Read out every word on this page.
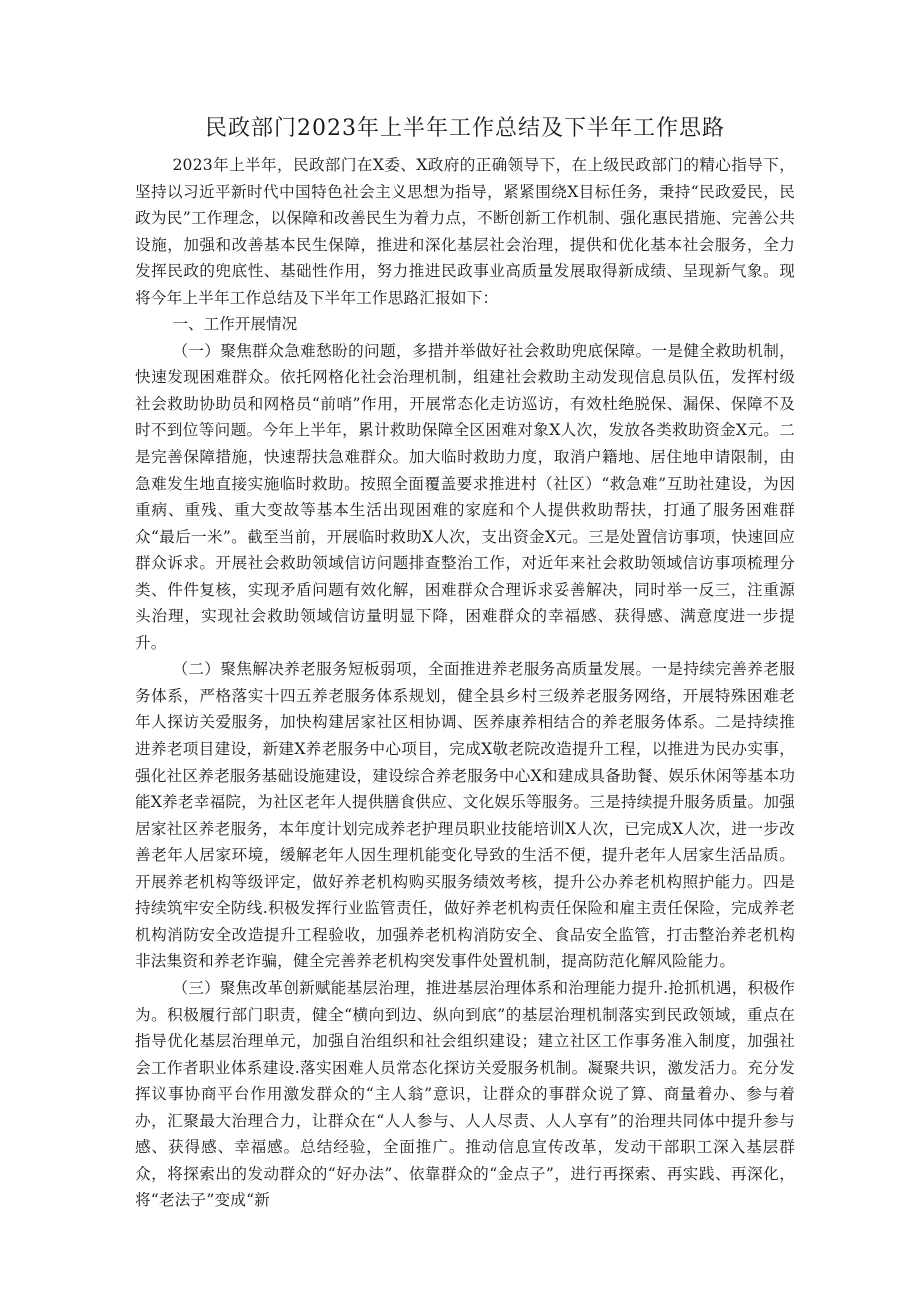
民政部门2023年上半年工作总结及下半年工作思路

2023年上半年，民政部门在X委、X政府的正确领导下，在上级民政部门的精心指导下，坚持以习近平新时代中国特色社会主义思想为指导，紧紧围绕X目标任务，秉持“民政爱民，民政为民”工作理念，以保障和改善民生为着力点，不断创新工作机制、强化惠民措施、完善公共设施，加强和改善基本民生保障，推进和深化基层社会治理，提供和优化基本社会服务，全力发挥民政的兜底性、基础性作用，努力推进民政事业高质量发展取得新成绩、呈现新气象。现将今年上半年工作总结及下半年工作思路汇报如下：

一、工作开展情况

（一）聚焦群众急难愁盼的问题，多措并举做好社会救助兜底保障。一是健全救助机制，快速发现困难群众。依托网格化社会治理机制，组建社会救助主动发现信息员队伍，发挥村级社会救助协助员和网格员“前哨”作用，开展常态化走访巡访，有效杜绝脱保、漏保、保障不及时不到位等问题。今年上半年，累计救助保障全区困难对象X人次，发放各类救助资金X元。二是完善保障措施，快速帮扶急难群众。加大临时救助力度，取消户籍地、居住地申请限制，由急难发生地直接实施临时救助。按照全面覆盖要求推进村（社区）“救急难”互助社建设，为因重病、重残、重大变故等基本生活出现困难的家庭和个人提供救助帮扶，打通了服务困难群众“最后一米”。截至当前，开展临时救助X人次，支出资金X元。三是处置信访事项，快速回应群众诉求。开展社会救助领域信访问题排查整治工作，对近年来社会救助领域信访事项梳理分类、件件复核，实现矛盾问题有效化解，困难群众合理诉求妥善解决，同时举一反三，注重源头治理，实现社会救助领域信访量明显下降，困难群众的幸福感、获得感、满意度进一步提升。

（二）聚焦解决养老服务短板弱项，全面推进养老服务高质量发展。一是持续完善养老服务体系，严格落实十四五养老服务体系规划，健全县乡村三级养老服务网络，开展特殊困难老年人探访关爱服务，加快构建居家社区相协调、医养康养相结合的养老服务体系。二是持续推进养老项目建设，新建X养老服务中心项目，完成X敬老院改造提升工程，以推进为民办实事，强化社区养老服务基础设施建设，建设综合养老服务中心X和建成具备助餐、娱乐休闲等基本功能X养老幸福院，为社区老年人提供膳食供应、文化娱乐等服务。三是持续提升服务质量。加强居家社区养老服务，本年度计划完成养老护理员职业技能培训X人次，已完成X人次，进一步改善老年人居家环境，缓解老年人因生理机能变化导致的生活不便，提升老年人居家生活品质。开展养老机构等级评定，做好养老机构购买服务绩效考核，提升公办养老机构照护能力。四是持续筑牢安全防线.积极发挥行业监管责任，做好养老机构责任保险和雇主责任保险，完成养老机构消防安全改造提升工程验收，加强养老机构消防安全、食品安全监管，打击整治养老机构非法集资和养老诈骗，健全完善养老机构突发事件处置机制，提高防范化解风险能力。

（三）聚焦改革创新赋能基层治理，推进基层治理体系和治理能力提升.抢抓机遇，积极作为。积极履行部门职责，健全“横向到边、纵向到底”的基层治理机制落实到民政领域，重点在指导优化基层治理单元，加强自治组织和社会组织建设；建立社区工作事务准入制度，加强社会工作者职业体系建设.落实困难人员常态化探访关爱服务机制。凝聚共识，激发活力。充分发挥议事协商平台作用激发群众的“主人翁”意识，让群众的事群众说了算、商量着办、参与着办，汇聚最大治理合力，让群众在“人人参与、人人尽责、人人享有”的治理共同体中提升参与感、获得感、幸福感。总结经验，全面推广。推动信息宣传改革，发动干部职工深入基层群众，将探索出的发动群众的“好办法”、依靠群众的“金点子”，进行再探索、再实践、再深化，将“老法子”变成“新
